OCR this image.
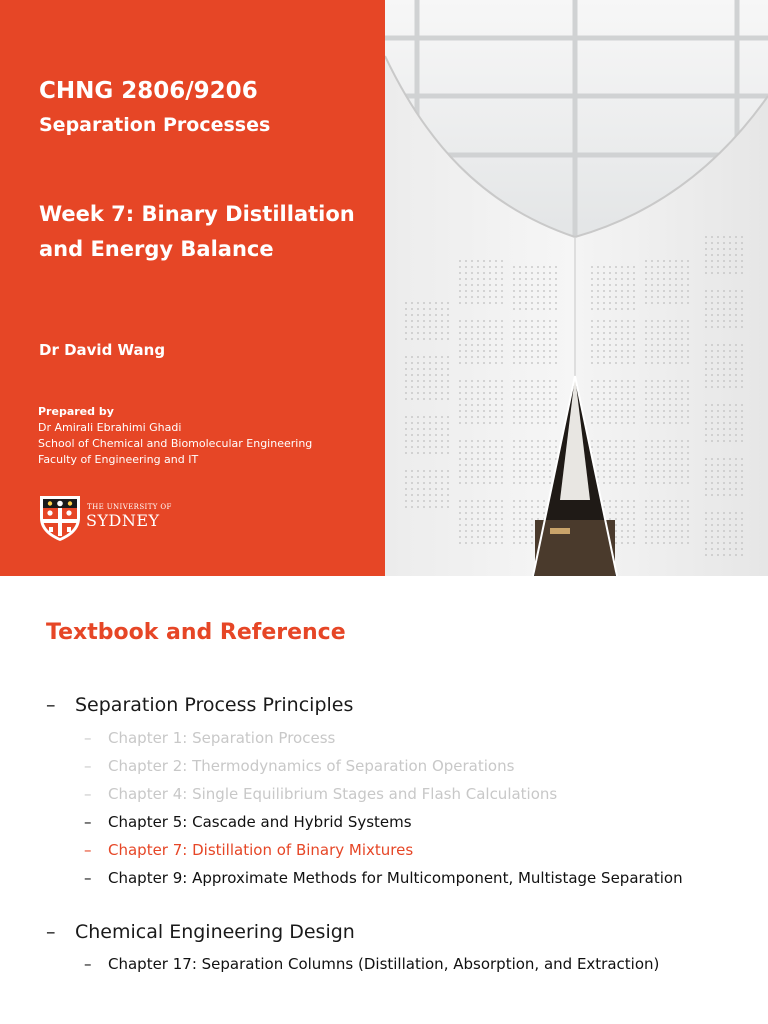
CHNG 2806/9206
Separation Processes
Week 7: Binary Distillation and Energy Balance
Dr David Wang
Prepared by
Dr Amirali Ebrahimi Ghadi
School of Chemical and Biomolecular Engineering
Faculty of Engineering and IT
THE UNIVERSITY OF
SYDNEY
Textbook and Reference
– Separation Process Principles
– Chapter 1: Separation Process
– Chapter 2: Thermodynamics of Separation Operations
– Chapter 4: Single Equilibrium Stages and Flash Calculations
– Chapter 5: Cascade and Hybrid Systems
– Chapter 7: Distillation of Binary Mixtures
– Chapter 9: Approximate Methods for Multicomponent, Multistage Separation
– Chemical Engineering Design
– Chapter 17: Separation Columns (Distillation, Absorption, and Extraction)
